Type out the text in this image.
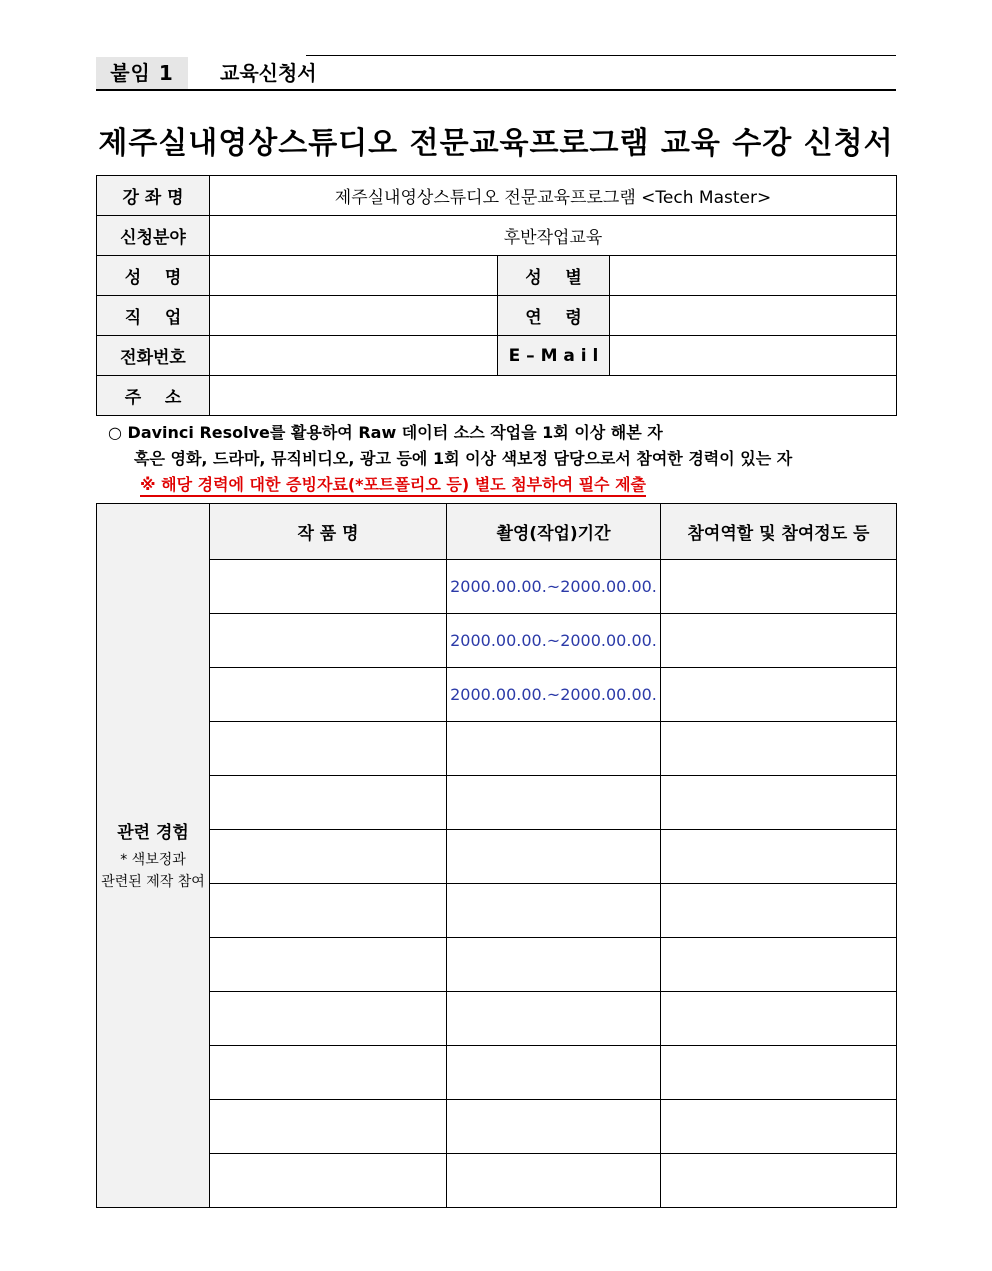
붙임 1	교육신청서
제주실내영상스튜디오 전문교육프로그램 교육 수강 신청서
강 좌 명	제주실내영상스튜디오 전문교육프로그램 <Tech Master>		
신청분야	후반작업교육		
성    명		성    별	
직    업		연    령	
전화번호		E – M a i l	
주    소			
○ Davinci Resolve를 활용하여 Raw 데이터 소스 작업을 1회 이상 해본 자
혹은 영화, 드라마, 뮤직비디오, 광고 등에 1회 이상 색보정 담당으로서 참여한 경력이 있는 자
※ 해당 경력에 대한 증빙자료(*포트폴리오 등) 별도 첨부하여 필수 제출
관련 경험
* 색보정과
관련된 제작 참여	작 품 명	촬영(작업)기간	참여역할 및 참여정도 등
		2000.00.00.~2000.00.00.	
		2000.00.00.~2000.00.00.	
		2000.00.00.~2000.00.00.	
